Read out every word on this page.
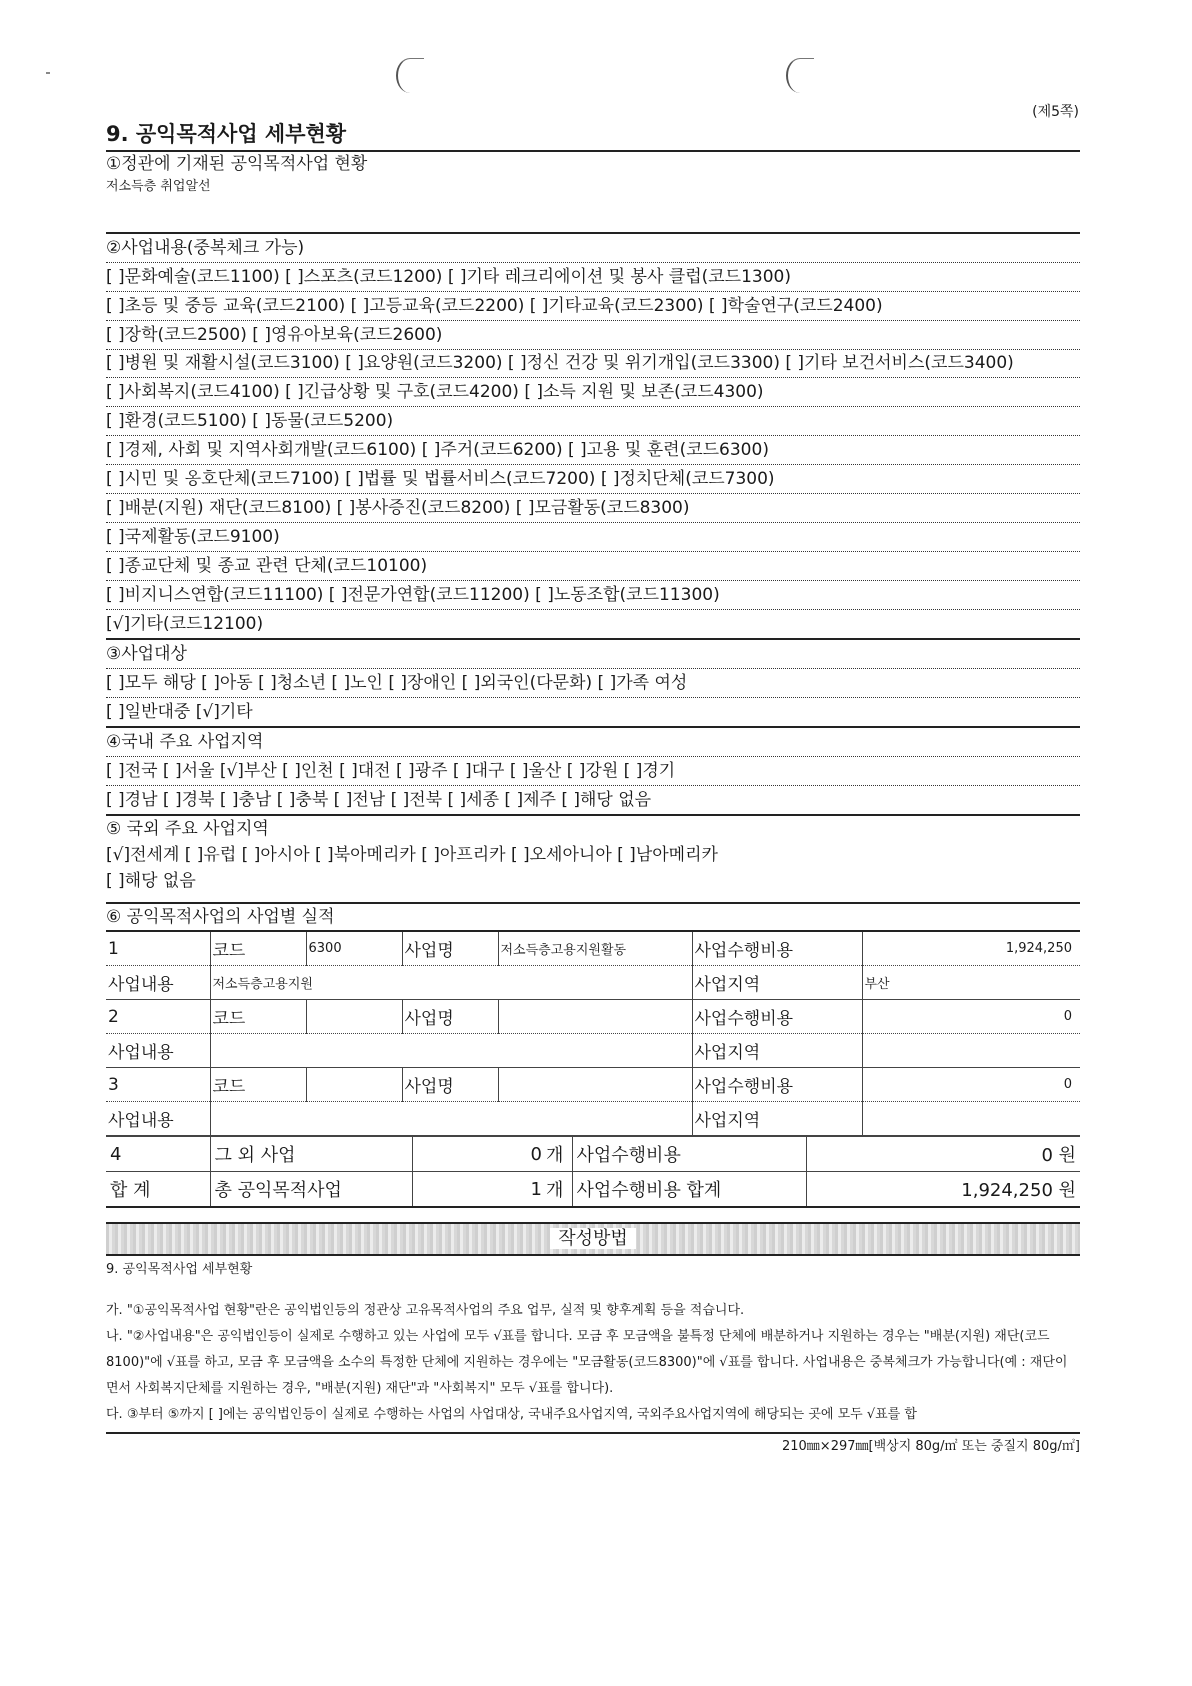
(제5쪽)
9. 공익목적사업 세부현황
①정관에 기재된 공익목적사업 현황
저소득층 취업알선
②사업내용(중복체크 가능)
[ ]문화예술(코드1100) [ ]스포츠(코드1200) [ ]기타 레크리에이션 및 봉사 클럽(코드1300)
[ ]초등 및 중등 교육(코드2100) [ ]고등교육(코드2200) [ ]기타교육(코드2300) [ ]학술연구(코드2400)
[ ]장학(코드2500) [ ]영유아보육(코드2600)
[ ]병원 및 재활시설(코드3100) [ ]요양원(코드3200) [ ]정신 건강 및 위기개입(코드3300) [ ]기타 보건서비스(코드3400)
[ ]사회복지(코드4100) [ ]긴급상황 및 구호(코드4200) [ ]소득 지원 및 보존(코드4300)
[ ]환경(코드5100) [ ]동물(코드5200)
[ ]경제, 사회 및 지역사회개발(코드6100) [ ]주거(코드6200) [ ]고용 및 훈련(코드6300)
[ ]시민 및 옹호단체(코드7100) [ ]법률 및 법률서비스(코드7200) [ ]정치단체(코드7300)
[ ]배분(지원) 재단(코드8100) [ ]봉사증진(코드8200) [ ]모금활동(코드8300)
[ ]국제활동(코드9100)
[ ]종교단체 및 종교 관련 단체(코드10100)
[ ]비지니스연합(코드11100) [ ]전문가연합(코드11200) [ ]노동조합(코드11300)
[√]기타(코드12100)
③사업대상
[ ]모두 해당 [ ]아동 [ ]청소년 [ ]노인 [ ]장애인 [ ]외국인(다문화) [ ]가족 여성
[ ]일반대중 [√]기타
④국내 주요 사업지역
[ ]전국 [ ]서울 [√]부산 [ ]인천 [ ]대전 [ ]광주 [ ]대구 [ ]울산 [ ]강원 [ ]경기
[ ]경남 [ ]경북 [ ]충남 [ ]충북 [ ]전남 [ ]전북 [ ]세종 [ ]제주 [ ]해당 없음
⑤ 국외 주요 사업지역
[√]전세계 [ ]유럽 [ ]아시아 [ ]북아메리카 [ ]아프리카 [ ]오세아니아 [ ]남아메리카
[ ]해당 없음
⑥ 공익목적사업의 사업별 실적
1	코드	6300	사업명	저소득층고용지원활동	사업수행비용	1,924,250
사업내용	저소득층고용지원				사업지역	부산
2	코드		사업명		사업수행비용	0
사업내용					사업지역	
3	코드		사업명		사업수행비용	0
사업내용					사업지역	
4	그 외 사업	0	개	사업수행비용	0 원
합 계	총 공익목적사업	1	개	사업수행비용 합계	1,924,250 원
작성방법
9. 공익목적사업 세부현황
가. "①공익목적사업 현황"란은 공익법인등의 정관상 고유목적사업의 주요 업무, 실적 및 향후계획 등을 적습니다.
나. "②사업내용"은 공익법인등이 실제로 수행하고 있는 사업에 모두 √표를 합니다. 모금 후 모금액을 불특정 단체에 배분하거나 지원하는 경우는 "배분(지원) 재단(코드8100)"에 √표를 하고, 모금 후 모금액을 소수의 특정한 단체에 지원하는 경우에는 "모금활동(코드8300)"에 √표를 합니다. 사업내용은 중복체크가 가능합니다(예 : 재단이면서 사회복지단체를 지원하는 경우, "배분(지원) 재단"과 "사회복지" 모두 √표를 합니다).
다. ③부터 ⑤까지 [ ]에는 공익법인등이 실제로 수행하는 사업의 사업대상, 국내주요사업지역, 국외주요사업지역에 해당되는 곳에 모두 √표를 합
210㎜×297㎜[백상지 80g/㎡ 또는 중질지 80g/㎡]
